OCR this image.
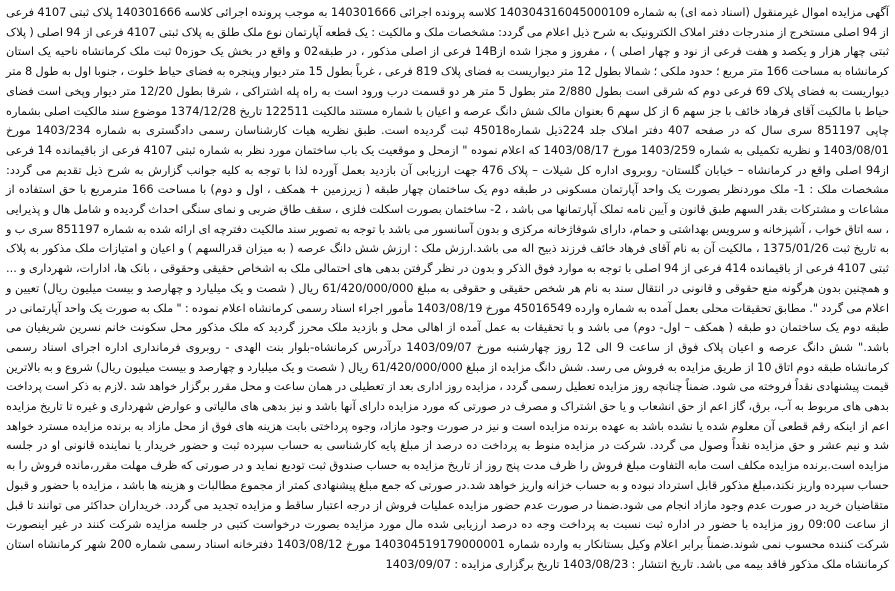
آگهی مزایده اموال غیرمنقول (اسناد ذمه ای) به شماره 140304316045000109 کلاسه پرونده اجرائی 140301666 به موجب پرونده اجرائی کلاسه 140301666 پلاک ثبتی 4107 فرعی از 94 اصلی مستخرج از مندرجات دفتر املاک الکترونیک به شرح ذیل اعلام می گردد: مشخصات ملک و مالکیت : یک قطعه آپارتمان نوع ملک طلق به پلاک ثبتی 4107 فرعی از 94 اصلی ( پلاک ثبتی چهار هزار و یکصد و هفت فرعی از نود و چهار اصلی ) ، مفروز و مجزا شده از14B فرعی از اصلی مذکور ، در طبقه02 و واقع در بخش یک حوزه0 ثبت ملک کرمانشاه ناحیه یک استان کرمانشاه به مساحت 166 متر مربع ؛ حدود ملکی ؛ شمالا بطول 12 متر دیواریست به فضای پلاک 819 فرعی ، غرباً بطول 15 متر دیوار وپنجره به فضای حیاط خلوت ، جنوبا اول به طول 8 متر دیواریست به فضای پلاک 69 فرعی دوم که شرقی است بطول 2/880 متر بطول 5 متر هر دو قسمت درب ورود است به راه پله اشتراکی ، شرقا بطول 12/20 متر دیوار وپخی است فضای حیاط با مالکیت آقای فرهاد خائف با جز سهم 6 از کل سهم 6 بعنوان مالک شش دانگ عرصه و اعیان با شماره مستند مالکیت 122511 تاریخ 1374/12/28 موضوع سند مالکیت اصلی بشماره چاپی 851197 سری سال که در صفحه 407 دفتر املاک جلد 224ذیل شماره45018 ثبت گردیده است. طبق نظریه هیات کارشناسان رسمی دادگستری به شماره 1403/234 مورخ 1403/08/01 و نظریه تکمیلی به شماره 1403/259 مورخ 1403/08/17 که اعلام نموده " ازمحل و موقعیت یک باب ساختمان مورد نظر به شماره ثبتی 4107 فرعی از باقیمانده 14 فرعی از94 اصلی واقع در کرمانشاه – خیابان گلستان- روبروی اداره کل شیلات – پلاک 476 جهت ارزیابی آن بازدید بعمل آورده لذا با توجه به کلیه جوانب گزارش به شرح ذیل تقدیم می گردد: مشخصات ملک : 1- ملک موردنظر بصورت یک واحد آپارتمان مسکونی در طبقه دوم یک ساختمان چهار طبقه ( زیرزمین + همکف ، اول و دوم) با مساحت 166 مترمربع با حق استفاده از مشاعات و مشترکات بقدر السهم طبق قانون و آیین نامه تملک آپارتمانها می باشد ، 2- ساختمان بصورت اسکلت فلزی ، سقف طاق ضربی و نمای سنگی احداث گردیده و شامل هال و پذیرایی ، سه اتاق خواب ، آشپزخانه و سرویس بهداشتی و حمام، دارای شوفاژخانه مرکزی و بدون آسانسور می باشد با توجه به تصویر سند مالکیت دفترچه ای ارائه شده به شماره 851197 سری ب و به تاریخ ثبت 1375/01/26 ، مالکیت آن به نام آقای فرهاد خائف فرزند ذبیح اله می باشد.ارزش ملک : ارزش شش دانگ عرصه ( به میزان قدرالسهم ) و اعیان و امتیازات ملک مذکور به پلاک ثبتی 4107 فرعی از باقیمانده 414 فرعی از 94 اصلی با توجه به موارد فوق الذکر و بدون در نظر گرفتن بدهی های احتمالی ملک به اشخاص حقیقی وحقوقی ، بانک ها، ادارات، شهرداری و ... و همچنین بدون هرگونه منع حقوقی و قانونی در انتقال سند به نام هر شخص حقیقی و حقوقی به مبلغ 61/420/000/000 ریال ( شصت و یک میلیارد و چهارصد و بیست میلیون ریال) تعیین و اعلام می گردد ". مطابق تحقیقات محلی بعمل آمده به شماره وارده 45016549 مورخ 1403/08/19 مأمور اجراء اسناد رسمی کرمانشاه اعلام نموده : " ملک به صورت یک واحد آپارتمانی در طبقه دوم یک ساختمان دو طبقه ( همکف – اول- دوم) می باشد و با تحقیقات به عمل آمده از اهالی محل و بازدید ملک محرز گردید که ملک مذکور محل سکونت خانم نسرین شریفیان می باشد." شش دانگ عرصه و اعیان پلاک فوق از ساعت 9 الی 12 روز چهارشنبه مورخ 1403/09/07 درآدرس کرمانشاه-بلوار بنت الهدی - روبروی فرمانداری اداره اجرای اسناد رسمی کرمانشاه طبقه دوم اتاق 10 از طریق مزایده به فروش می رسد. شش دانگ مزایده از مبلغ 61/420/000/000 ریال ( شصت و یک میلیارد و چهارصد و بیست میلیون ریال) شروع و به بالاترین قیمت پیشنهادی نقداً فروخته می شود. ضمناً چنانچه روز مزایده تعطیل رسمی گردد ، مزایده روز اداری بعد از تعطیلی در همان ساعت و محل مقرر برگزار خواهد شد .لازم به ذکر است پرداخت بدهی های مربوط به آب، برق، گاز اعم از حق انشعاب و یا حق اشتراک و مصرف در صورتی که مورد مزایده دارای آنها باشد و نیز بدهی های مالیاتی و عوارض شهرداری و غیره تا تاریخ مزایده اعم از اینکه رقم قطعی آن معلوم شده یا نشده باشد به عهده برنده مزایده است و نیز در صورت وجود مازاد، وجوه پرداختی بابت هزینه های فوق از محل مازاد به برنده مزایده مسترد خواهد شد و نیم عشر و حق مزایده نقداً وصول می گردد. شرکت در مزایده منوط به پرداخت ده درصد از مبلغ پایه کارشناسی به حساب سپرده ثبت و حضور خریدار یا نماینده قانونی او در جلسه مزایده است.برنده مزایده مکلف است مابه التفاوت مبلغ فروش را ظرف مدت پنج روز از تاریخ مزایده به حساب صندوق ثبت تودیع نماید و در صورتی که ظرف مهلت مقرر،مانده فروش را به حساب سپرده واریز نکند،مبلغ مذکور قابل استرداد نبوده و به حساب خزانه واریز خواهد شد.در صورتی که جمع مبلغ پیشنهادی کمتر از مجموع مطالبات و هزینه ها باشد ، مزایده با حضور و قبول متقاضیان خرید در صورت عدم وجود مازاد انجام می شود.ضمنا در صورت عدم حضور مزایده عملیات فروش از درجه اعتبار ساقط و مزایده تجدید می گردد. خریداران حداکثر می توانند تا قبل از ساعت 09:00 روز مزایده با حضور در اداره ثبت نسبت به پرداخت وجه ده درصد ارزیابی شده مال مورد مزایده بصورت درخواست کتبی در جلسه مزایده شرکت کنند در غیر اینصورت شرکت کننده محسوب نمی شوند.ضمناً برابر اعلام وکیل بستانکار به وارده شماره 140304519179000001 مورخ 1403/08/12 دفترخانه اسناد رسمی شماره 200 شهر کرمانشاه استان کرمانشاه ملک مذکور فاقد بیمه می باشد. تاریخ انتشار : 1403/08/23 تاریخ برگزاری مزایده : 1403/09/07
